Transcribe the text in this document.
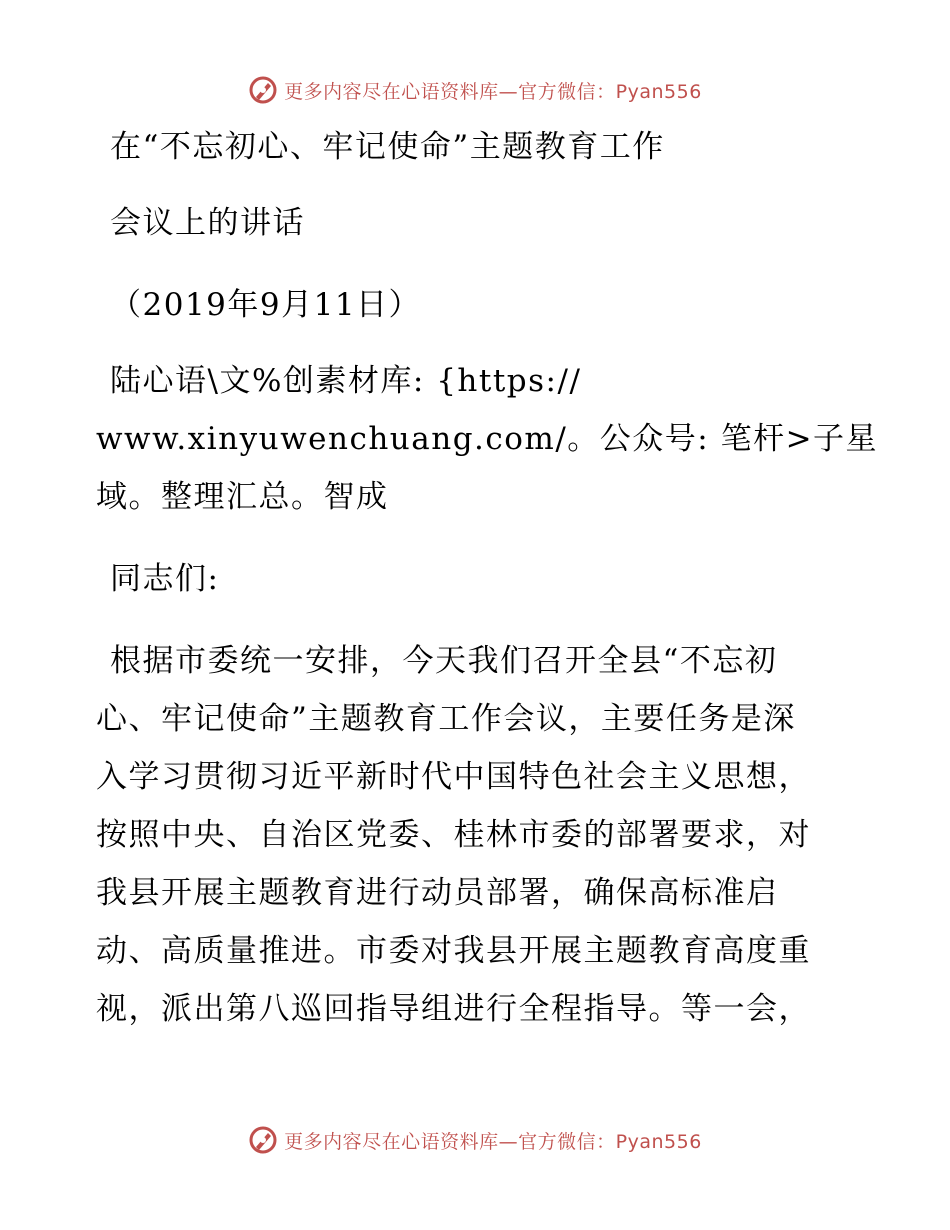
更多内容尽在心语资料库—官方微信：Pyan556
在“不忘初心、牢记使命”主题教育工作
会议上的讲话
（2019年9月11日）
陆心语\文%创素材库: {https://
www.xinyuwenchuang.com/。公众号: 笔杆>子星
域。整理汇总。智成
同志们:
根据市委统一安排，今天我们召开全县“不忘初
心、牢记使命”主题教育工作会议，主要任务是深
入学习贯彻习近平新时代中国特色社会主义思想，
按照中央、自治区党委、桂林市委的部署要求，对
我县开展主题教育进行动员部署，确保高标准启
动、高质量推进。市委对我县开展主题教育高度重
视，派出第八巡回指导组进行全程指导。等一会，
更多内容尽在心语资料库—官方微信：Pyan556
